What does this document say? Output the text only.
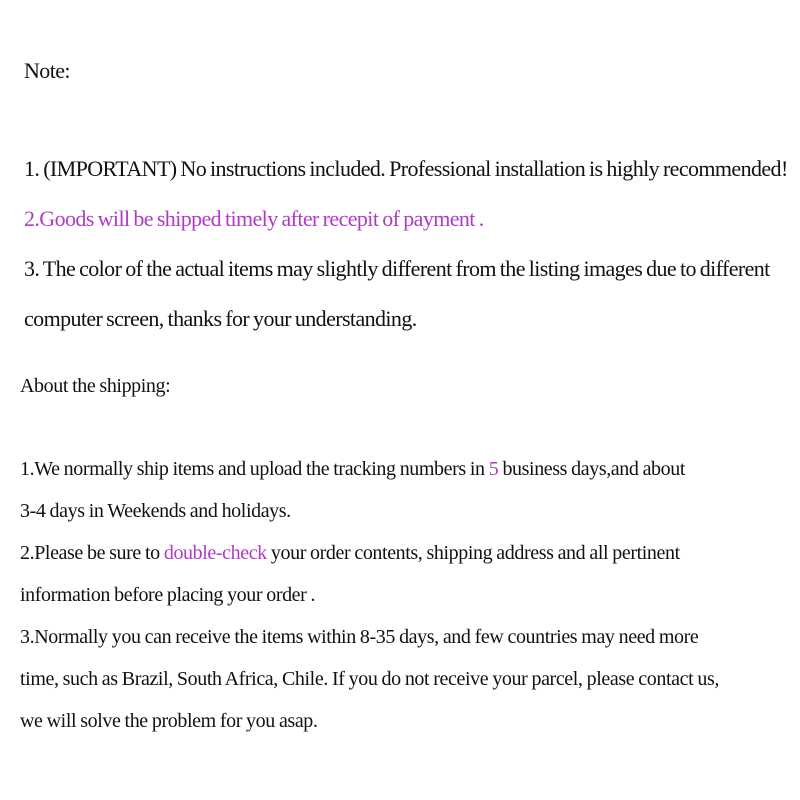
Note:
1. (IMPORTANT) No instructions included. Professional installation is highly recommended!
2.Goods will be shipped timely after recepit of payment .
3. The color of the actual items may slightly different from the listing images due to different
computer screen, thanks for your understanding.
About the shipping:
1.We normally ship items and upload the tracking numbers in 5 business days,and about
3-4 days in Weekends and holidays.
2.Please be sure to double-check your order contents, shipping address and all pertinent
information before placing your order .
3.Normally you can receive the items within 8-35 days, and few countries may need more
time, such as Brazil, South Africa, Chile. If you do not receive your parcel, please contact us,
we will solve the problem for you asap.
